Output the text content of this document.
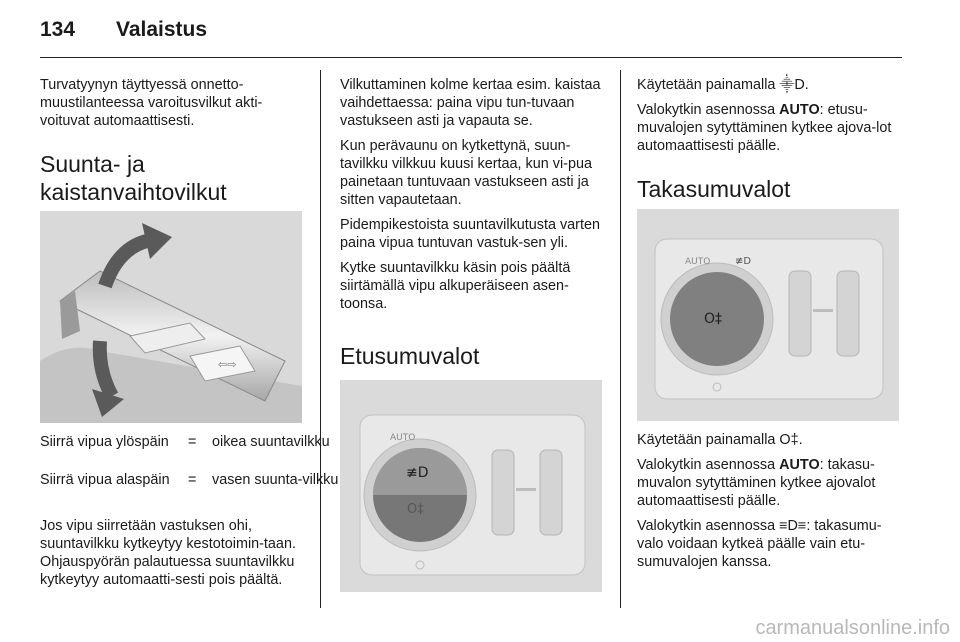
134 Valaistus

Turvatyynyn täyttyessä onnetto-muustilanteessa varoitusvilkut akti-voituvat automaattisesti.

Suunta- ja
kaistanvaihtovilkut
⇦⇨
Siirrä vipua ylöspäin	= oikea suuntavilkku
Siirrä vipua alaspäin	= vasen suunta-vilkku

Jos vipu siirretään vastuksen ohi, suuntavilkku kytkeytyy kestotoimin-taan. Ohjauspyörän palautuessa suuntavilkku kytkeytyy automaatti-sesti pois päältä.

Vilkuttaminen kolme kertaa esim. kaistaa vaihdettaessa: paina vipu tun-tuvaan vastukseen asti ja vapauta se.

Kun perävaunu on kytkettynä, suun-tavilkku vilkkuu kuusi kertaa, kun vi-pua painetaan tuntuvaan vastukseen asti ja sitten vapautetaan.

Pidempikestoista suuntavilkutusta varten paina vipua tuntuvan vastuk-sen yli.

Kytke suuntavilkku käsin pois päältä siirtämällä vipu alkuperäiseen asen-toonsa.

Etusumuvalot
≢D
O‡
AUTO

Käytetään painamalla ⸎D.

Valokytkin asennossa AUTO: etusu-muvalojen sytyttäminen kytkee ajova-lot automaattisesti päälle.

Takasumuvalot
O‡
AUTO ≢D

Käytetään painamalla O‡.

Valokytkin asennossa AUTO: takasu-muvalon sytyttäminen kytkee ajovalot automaattisesti päälle.

Valokytkin asennossa ≡D≡: takasumu-valo voidaan kytkeä päälle vain etu-sumuvalojen kanssa.

carmanualsonline.info
